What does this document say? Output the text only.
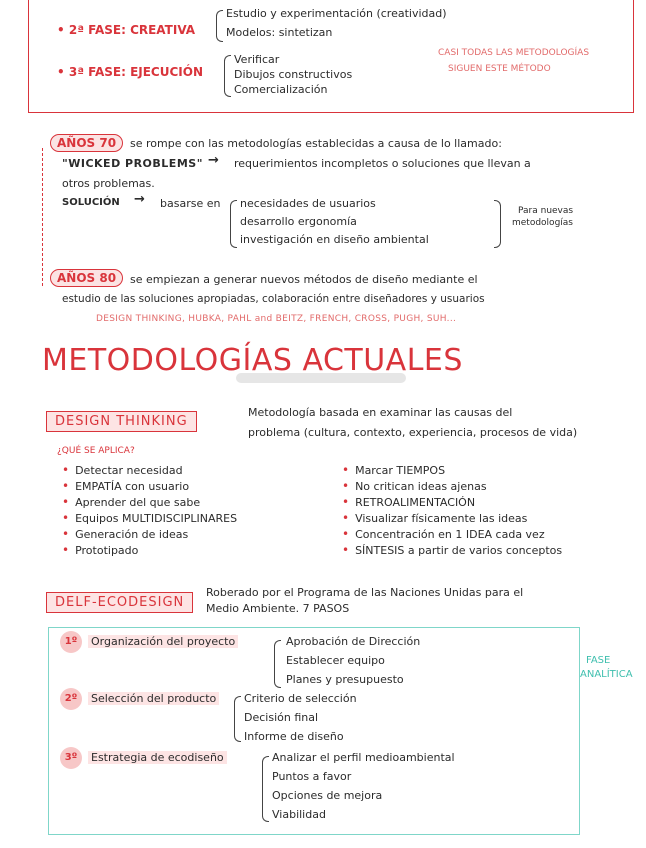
• 2ª FASE: CREATIVA
Estudio y experimentación (creatividad)
Modelos: sintetizan
• 3ª FASE: EJECUCIÓN
Verificar
Dibujos constructivos
Comercialización
CASI TODAS LAS METODOLOGÍAS
SIGUEN ESTE MÉTODO
AÑOS 70	se rompe con las metodologías establecidas a causa de lo llamado:
"WICKED PROBLEMS" → requerimientos incompletos o soluciones que llevan a
otros problemas.
SOLUCIÓN → basarse en necesidades de usuarios
desarrollo ergonomía
investigación en diseño ambiental
Para nuevas
metodologías
AÑOS 80	se empiezan a generar nuevos métodos de diseño mediante el
estudio de las soluciones apropiadas, colaboración entre diseñadores y usuarios
DESIGN THINKING, HUBKA, PAHL and BEITZ, FRENCH, CROSS, PUGH, SUH...
METODOLOGÍAS ACTUALES
DESIGN THINKING
Metodología basada en examinar las causas del
problema (cultura, contexto, experiencia, procesos de vida)
¿QUÉ SE APLICA?
• Detectar necesidad
• EMPATÍA con usuario
• Aprender del que sabe
• Equipos MULTIDISCIPLINARES
• Generación de ideas
• Prototipado
• Marcar TIEMPOS
• No critican ideas ajenas
• RETROALIMENTACIÓN
• Visualizar físicamente las ideas
• Concentración en 1 IDEA cada vez
• SÍNTESIS a partir de varios conceptos
DELF-ECODESIGN
Roberado por el Programa de las Naciones Unidas para el
Medio Ambiente. 7 PASOS
FASE
ANALÍTICA
1º	Organización del proyecto	Aprobación de Dirección
Establecer equipo
Planes y presupuesto
2º	Selección del producto	Criterio de selección
Decisión final
Informe de diseño
3º	Estrategia de ecodiseño	Analizar el perfil medioambiental
Puntos a favor
Opciones de mejora
Viabilidad
